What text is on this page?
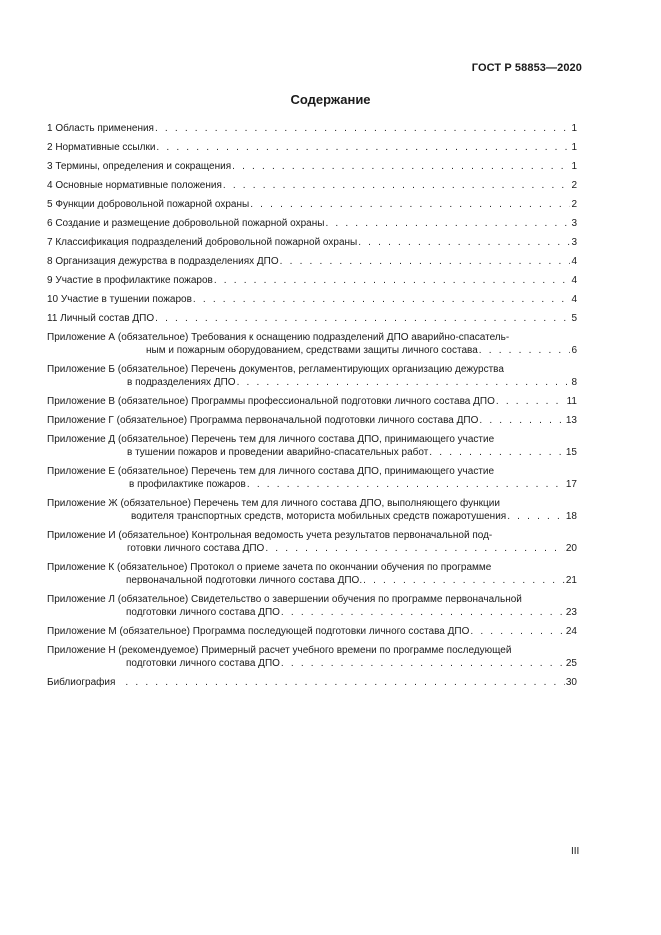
ГОСТ Р 58853—2020
Содержание
1 Область применения . . .	1
2 Нормативные ссылки . . .	1
3 Термины, определения и сокращения . . .	1
4 Основные нормативные положения . . .	2
5 Функции добровольной пожарной охраны . . .	2
6 Создание и размещение добровольной пожарной охраны . . .	3
7 Классификация подразделений добровольной пожарной охраны . . .	3
8 Организация дежурства в подразделениях ДПО . . .	4
9 Участие в профилактике пожаров . . .	4
10 Участие в тушении пожаров . . .	4
11 Личный состав ДПО . . .	5
Приложение А (обязательное) Требования к оснащению подразделений ДПО аварийно-спасатель-
ным и пожарным оборудованием, средствами защиты личного состава . . .	6
Приложение Б (обязательное) Перечень документов, регламентирующих организацию дежурства
в подразделениях ДПО . . .	8
Приложение В (обязательное) Программы профессиональной подготовки личного состава ДПО . . .	11
Приложение Г (обязательное) Программа первоначальной подготовки личного состава ДПО . . .	13
Приложение Д (обязательное) Перечень тем для личного состава ДПО, принимающего участие
в тушении пожаров и проведении аварийно-спасательных работ . . .	15
Приложение Е (обязательное) Перечень тем для личного состава ДПО, принимающего участие
в профилактике пожаров . . .	17
Приложение Ж (обязательное) Перечень тем для личного состава ДПО, выполняющего функции
водителя транспортных средств, моториста мобильных средств пожаротушения . . .	18
Приложение И (обязательное) Контрольная ведомость учета результатов первоначальной под-
готовки личного состава ДПО . . .	20
Приложение К (обязательное) Протокол о приеме зачета по окончании обучения по программе
первоначальной подготовки личного состава ДПО. . . .	21
Приложение Л (обязательное) Свидетельство о завершении обучения по программе первоначальной
подготовки личного состава ДПО . . .	23
Приложение М (обязательное) Программа последующей подготовки личного состава ДПО . . .	24
Приложение Н (рекомендуемое) Примерный расчет учебного времени по программе последующей
подготовки личного состава ДПО . . .	25
Библиография . . .	30
III
